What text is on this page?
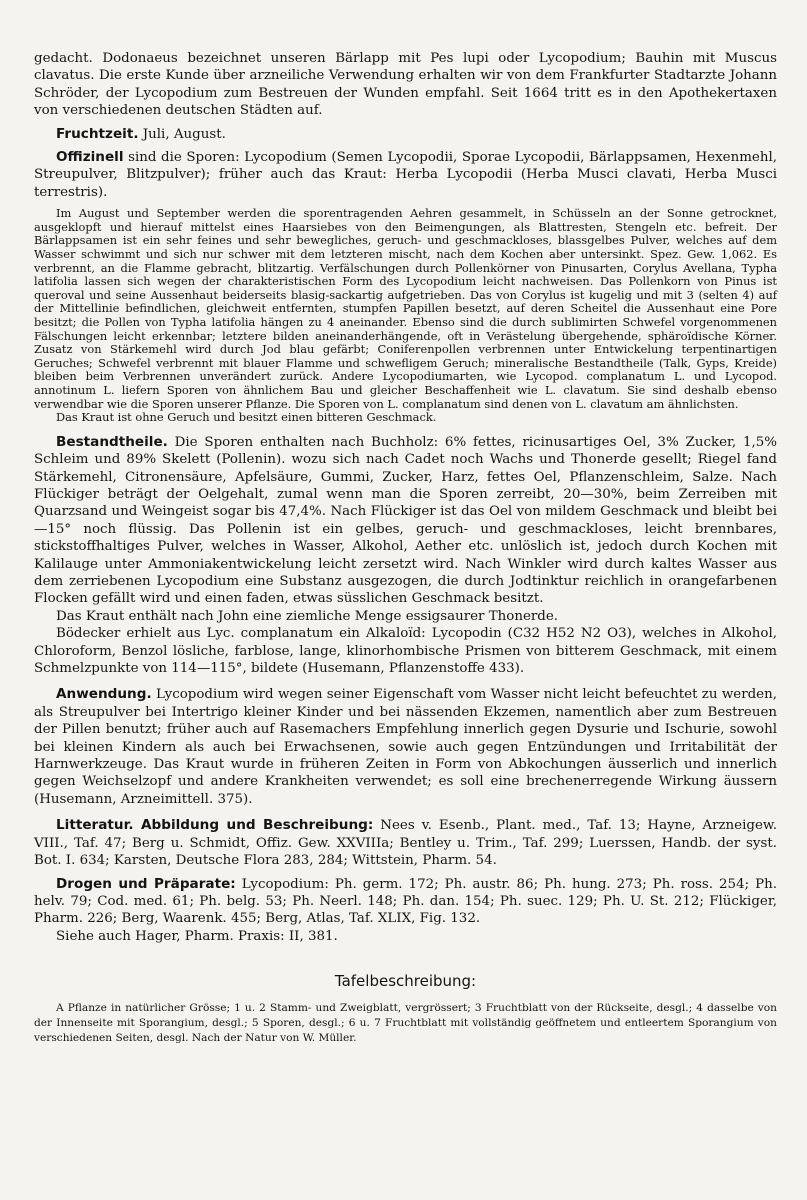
gedacht. Dodonaeus bezeichnet unseren Bärlapp mit Pes lupi oder Lycopodium; Bauhin mit Muscus clavatus. Die erste Kunde über arzneiliche Verwendung erhalten wir von dem Frankfurter Stadtarzte Johann Schröder, der Lycopodium zum Bestreuen der Wunden empfahl. Seit 1664 tritt es in den Apothekertaxen von verschiedenen deutschen Städten auf.

Fruchtzeit. Juli, August.

Offizinell sind die Sporen: Lycopodium (Semen Lycopodii, Sporae Lycopodii, Bärlappsamen, Hexenmehl, Streupulver, Blitzpulver); früher auch das Kraut: Herba Lycopodii (Herba Musci clavati, Herba Musci terrestris).

Im August und September werden die sporentragenden Aehren gesammelt, in Schüsseln an der Sonne getrocknet, ausgeklopft und hierauf mittelst eines Haarsiebes von den Beimengungen, als Blattresten, Stengeln etc. befreit. Der Bärlappsamen ist ein sehr feines und sehr bewegliches, geruch- und geschmackloses, blassgelbes Pulver, welches auf dem Wasser schwimmt und sich nur schwer mit dem letzteren mischt, nach dem Kochen aber untersinkt. Spez. Gew. 1,062. Es verbrennt, an die Flamme gebracht, blitzartig. Verfälschungen durch Pollenkörner von Pinusarten, Corylus Avellana, Typha latifolia lassen sich wegen der charakteristischen Form des Lycopodium leicht nachweisen. Das Pollenkorn von Pinus ist queroval und seine Aussenhaut beiderseits blasig-sackartig aufgetrieben. Das von Corylus ist kugelig und mit 3 (selten 4) auf der Mittellinie befindlichen, gleichweit entfernten, stumpfen Papillen besetzt, auf deren Scheitel die Aussenhaut eine Pore besitzt; die Pollen von Typha latifolia hängen zu 4 aneinander. Ebenso sind die durch sublimirten Schwefel vorgenommenen Fälschungen leicht erkennbar; letztere bilden aneinanderhängende, oft in Verästelung übergehende, sphäroïdische Körner. Zusatz von Stärkemehl wird durch Jod blau gefärbt; Coniferenpollen verbrennen unter Entwickelung terpentinartigen Geruches; Schwefel verbrennt mit blauer Flamme und schwefligem Geruch; mineralische Bestandtheile (Talk, Gyps, Kreide) bleiben beim Verbrennen unverändert zurück. Andere Lycopodiumarten, wie Lycopod. complanatum L. und Lycopod. annotinum L. liefern Sporen von ähnlichem Bau und gleicher Beschaffenheit wie L. clavatum. Sie sind deshalb ebenso verwendbar wie die Sporen unserer Pflanze. Die Sporen von L. complanatum sind denen von L. clavatum am ähnlichsten.

Das Kraut ist ohne Geruch und besitzt einen bitteren Geschmack.

Bestandtheile. Die Sporen enthalten nach Buchholz: 6% fettes, ricinusartiges Oel, 3% Zucker, 1,5% Schleim und 89% Skelett (Pollenin). wozu sich nach Cadet noch Wachs und Thonerde gesellt; Riegel fand Stärkemehl, Citronensäure, Apfelsäure, Gummi, Zucker, Harz, fettes Oel, Pflanzenschleim, Salze. Nach Flückiger beträgt der Oelgehalt, zumal wenn man die Sporen zerreibt, 20—30%, beim Zerreiben mit Quarzsand und Weingeist sogar bis 47,4%. Nach Flückiger ist das Oel von mildem Geschmack und bleibt bei —15° noch flüssig. Das Pollenin ist ein gelbes, geruch- und geschmackloses, leicht brennbares, stickstoffhaltiges Pulver, welches in Wasser, Alkohol, Aether etc. unlöslich ist, jedoch durch Kochen mit Kalilauge unter Ammoniakentwickelung leicht zersetzt wird. Nach Winkler wird durch kaltes Wasser aus dem zerriebenen Lycopodium eine Substanz ausgezogen, die durch Jodtinktur reichlich in orangefarbenen Flocken gefällt wird und einen faden, etwas süsslichen Geschmack besitzt.

Das Kraut enthält nach John eine ziemliche Menge essigsaurer Thonerde.

Bödecker erhielt aus Lyc. complanatum ein Alkaloïd: Lycopodin (C32 H52 N2 O3), welches in Alkohol, Chloroform, Benzol lösliche, farblose, lange, klinorhombische Prismen von bitterem Geschmack, mit einem Schmelzpunkte von 114—115°, bildete (Husemann, Pflanzenstoffe 433).

Anwendung. Lycopodium wird wegen seiner Eigenschaft vom Wasser nicht leicht befeuchtet zu werden, als Streupulver bei Intertrigo kleiner Kinder und bei nässenden Ekzemen, namentlich aber zum Bestreuen der Pillen benutzt; früher auch auf Rasemachers Empfehlung innerlich gegen Dysurie und Ischurie, sowohl bei kleinen Kindern als auch bei Erwachsenen, sowie auch gegen Entzündungen und Irritabilität der Harnwerkzeuge. Das Kraut wurde in früheren Zeiten in Form von Abkochungen äusserlich und innerlich gegen Weichselzopf und andere Krankheiten verwendet; es soll eine brechenerregende Wirkung äussern (Husemann, Arzneimittell. 375).

Litteratur. Abbildung und Beschreibung: Nees v. Esenb., Plant. med., Taf. 13; Hayne, Arzneigew. VIII., Taf. 47; Berg u. Schmidt, Offiz. Gew. XXVIIIa; Bentley u. Trim., Taf. 299; Luerssen, Handb. der syst. Bot. I. 634; Karsten, Deutsche Flora 283, 284; Wittstein, Pharm. 54.

Drogen und Präparate: Lycopodium: Ph. germ. 172; Ph. austr. 86; Ph. hung. 273; Ph. ross. 254; Ph. helv. 79; Cod. med. 61; Ph. belg. 53; Ph. Neerl. 148; Ph. dan. 154; Ph. suec. 129; Ph. U. St. 212; Flückiger, Pharm. 226; Berg, Waarenk. 455; Berg, Atlas, Taf. XLIX, Fig. 132.

Siehe auch Hager, Pharm. Praxis: II, 381.

Tafelbeschreibung:

A Pflanze in natürlicher Grösse; 1 u. 2 Stamm- und Zweigblatt, vergrössert; 3 Fruchtblatt von der Rückseite, desgl.; 4 dasselbe von der Innenseite mit Sporangium, desgl.; 5 Sporen, desgl.; 6 u. 7 Fruchtblatt mit vollständig geöffnetem und entleertem Sporangium von verschiedenen Seiten, desgl. Nach der Natur von W. Müller.
